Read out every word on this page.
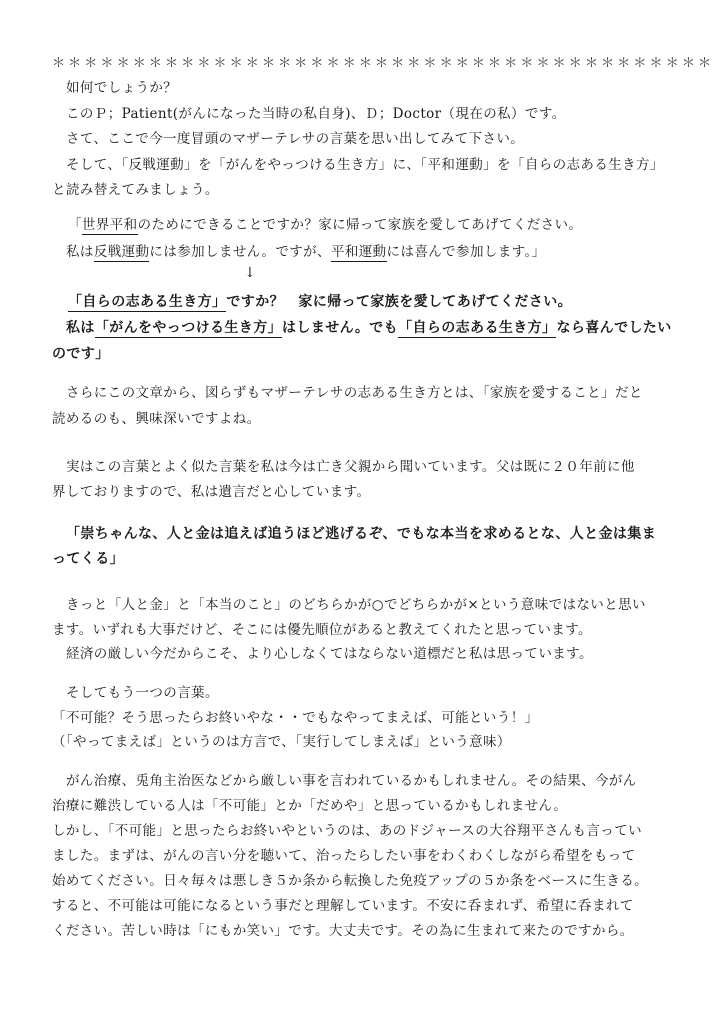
＊＊＊＊＊＊＊＊＊＊＊＊＊＊＊＊＊＊＊＊＊＊＊＊＊＊＊＊＊＊＊＊＊＊＊＊＊＊＊＊＊
如何でしょうか？
このＰ；Patient(がんになった当時の私自身)、Ｄ；Doctor（現在の私）です。
さて、ここで今一度冒頭のマザーテレサの言葉を思い出してみて下さい。
そして、「反戦運動」を「がんをやっつける生き方」に、「平和運動」を「自らの志ある生き方」
と読み替えてみましょう。
「世界平和のためにできることですか？家に帰って家族を愛してあげてください。
私は反戦運動には参加しません。ですが、平和運動には喜んで参加します。」
↓
「自らの志ある生き方」ですか？　家に帰って家族を愛してあげてください。
私は「がんをやっつける生き方」はしません。でも「自らの志ある生き方」なら喜んでしたい
のです」
さらにこの文章から、図らずもマザーテレサの志ある生き方とは、「家族を愛すること」だと
読めるのも、興味深いですよね。
実はこの言葉とよく似た言葉を私は今は亡き父親から聞いています。父は既に２０年前に他
界しておりますので、私は遺言だと心しています。
「崇ちゃんな、人と金は追えば追うほど逃げるぞ、でもな本当を求めるとな、人と金は集ま
ってくる」
きっと「人と金」と「本当のこと」のどちらかが○でどちらかが×という意味ではないと思い
ます。いずれも大事だけど、そこには優先順位があると教えてくれたと思っています。
経済の厳しい今だからこそ、より心しなくてはならない道標だと私は思っています。
そしてもう一つの言葉。
「不可能？そう思ったらお終いやな・・でもなやってまえば、可能という！」
（「やってまえば」というのは方言で、「実行してしまえば」という意味）
がん治療、兎角主治医などから厳しい事を言われているかもしれません。その結果、今がん
治療に難渋している人は「不可能」とか「だめや」と思っているかもしれません。
しかし、「不可能」と思ったらお終いやというのは、あのドジャースの大谷翔平さんも言ってい
ました。まずは、がんの言い分を聴いて、治ったらしたい事をわくわくしながら希望をもって
始めてください。日々毎々は悪しき５か条から転換した免疫アップの５か条をベースに生きる。
すると、不可能は可能になるという事だと理解しています。不安に呑まれず、希望に呑まれて
ください。苦しい時は「にもか笑い」です。大丈夫です。その為に生まれて来たのですから。
